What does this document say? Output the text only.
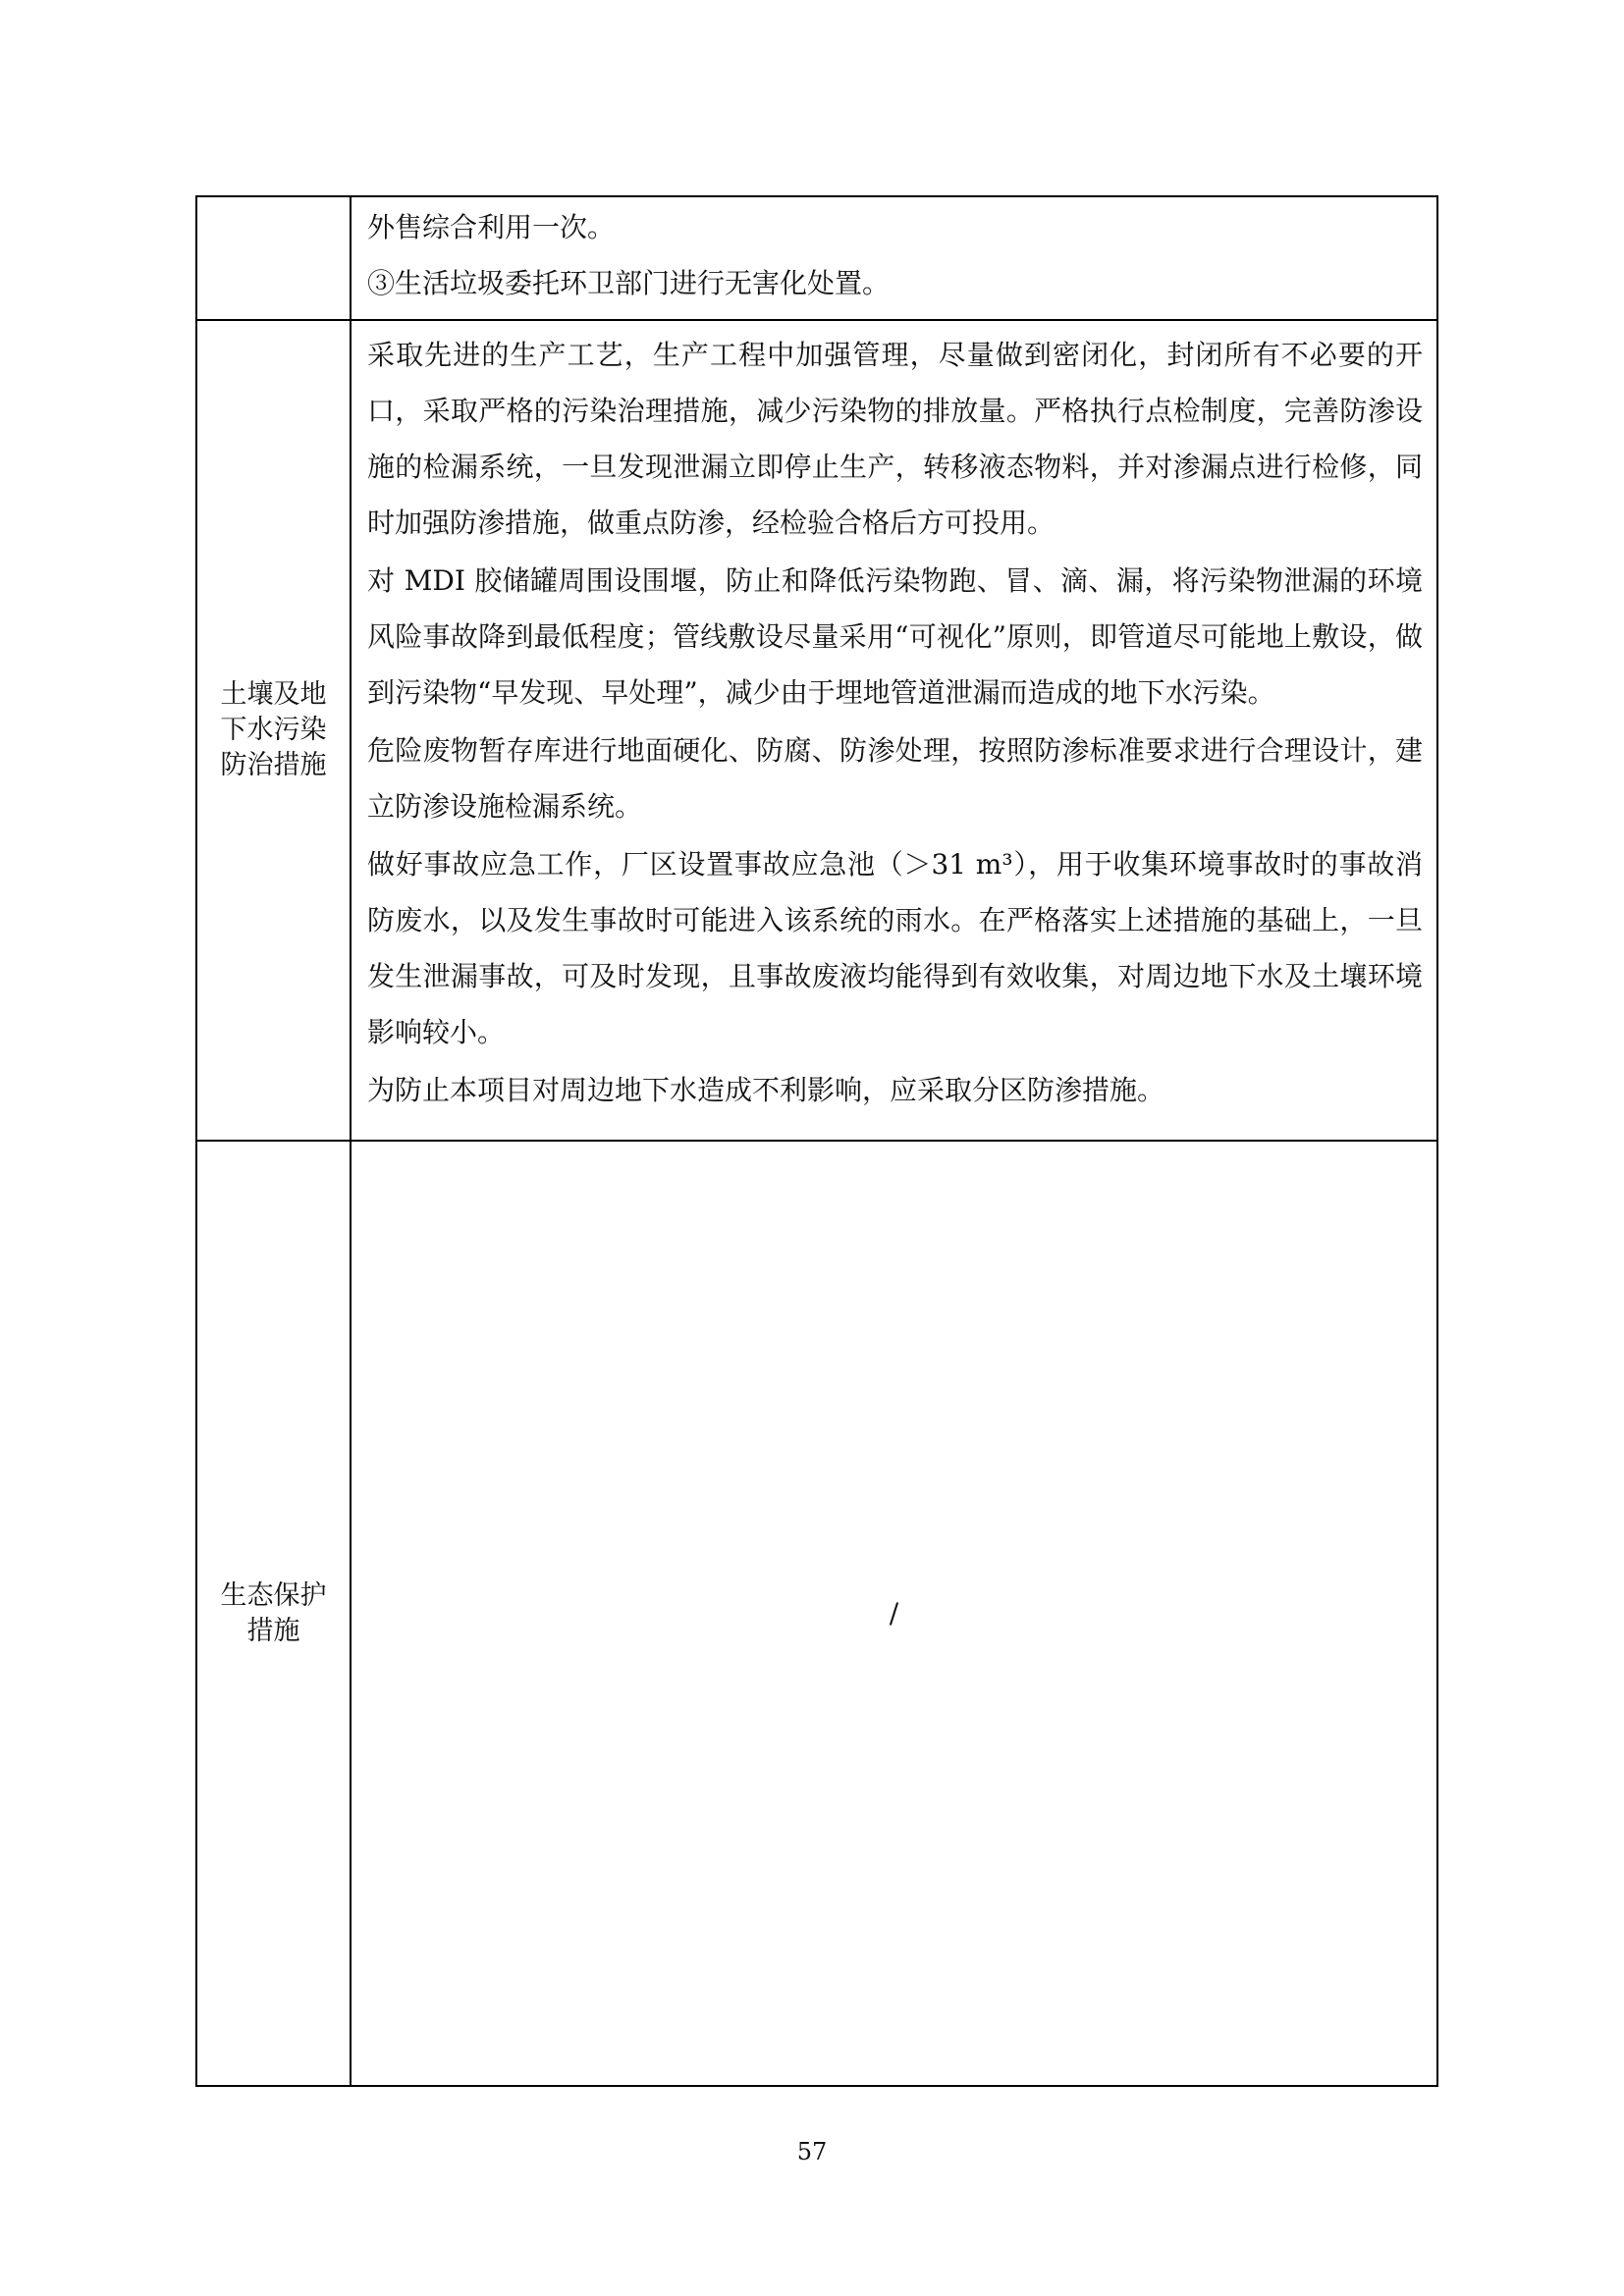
	外售综合利用一次。

③生活垃圾委托环卫部门进行无害化处置。

土壤及地下水污染防治措施	采取先进的生产工艺，生产工程中加强管理，尽量做到密闭化，封闭所有不必要的开口，采取严格的污染治理措施，减少污染物的排放量。严格执行点检制度，完善防渗设施的检漏系统，一旦发现泄漏立即停止生产，转移液态物料，并对渗漏点进行检修，同时加强防渗措施，做重点防渗，经检验合格后方可投用。

对 MDI 胶储罐周围设围堰，防止和降低污染物跑、冒、滴、漏，将污染物泄漏的环境风险事故降到最低程度；管线敷设尽量采用“可视化”原则，即管道尽可能地上敷设，做到污染物“早发现、早处理”，减少由于埋地管道泄漏而造成的地下水污染。

危险废物暂存库进行地面硬化、防腐、防渗处理，按照防渗标准要求进行合理设计，建立防渗设施检漏系统。

做好事故应急工作，厂区设置事故应急池（＞31 m³），用于收集环境事故时的事故消防废水，以及发生事故时可能进入该系统的雨水。在严格落实上述措施的基础上，一旦发生泄漏事故，可及时发现，且事故废液均能得到有效收集，对周边地下水及土壤环境影响较小。

为防止本项目对周边地下水造成不利影响，应采取分区防渗措施。

生态保护措施	/
57
